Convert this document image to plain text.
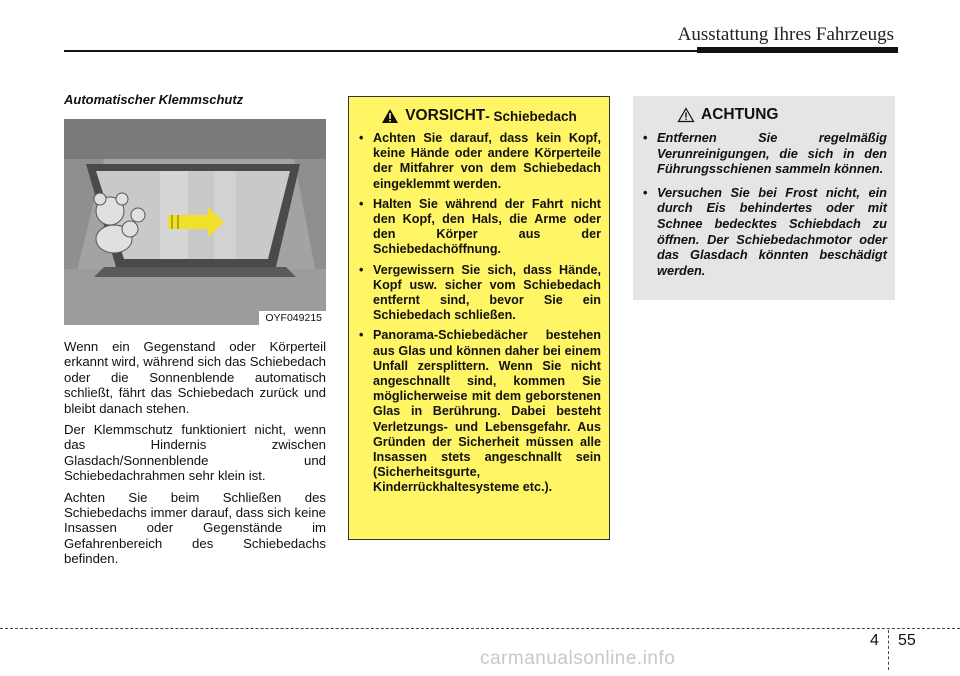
Ausstattung Ihres Fahrzeugs

Automatischer Klemmschutz

OYF049215

Wenn ein Gegenstand oder Körperteil erkannt wird, während sich das Schiebedach oder die Sonnenblende automatisch schließt, fährt das Schiebedach zurück und bleibt danach stehen.

Der Klemmschutz funktioniert nicht, wenn das Hindernis zwischen Glasdach/Sonnenblende und Schiebedachrahmen sehr klein ist.

Achten Sie beim Schließen des Schiebedachs immer darauf, dass sich keine Insassen oder Gegenstände im Gefahrenbereich des Schiebedachs befinden.

VORSICHT - Schiebedach
• Achten Sie darauf, dass kein Kopf, keine Hände oder andere Körperteile der Mitfahrer von dem Schiebedach eingeklemmt werden.
• Halten Sie während der Fahrt nicht den Kopf, den Hals, die Arme oder den Körper aus der Schiebedachöffnung.
• Vergewissern Sie sich, dass Hände, Kopf usw. sicher vom Schiebedach entfernt sind, bevor Sie ein Schiebedach schließen.
• Panorama-Schiebedächer bestehen aus Glas und können daher bei einem Unfall zersplittern. Wenn Sie nicht angeschnallt sind, kommen Sie möglicherweise mit dem geborstenen Glas in Berührung. Dabei besteht Verletzungs- und Lebensgefahr. Aus Gründen der Sicherheit müssen alle Insassen stets angeschnallt sein (Sicherheitsgurte, Kinderrückhaltesysteme etc.).
ACHTUNG
• Entfernen Sie regelmäßig Verunreinigungen, die sich in den Führungsschienen sammeln können.
• Versuchen Sie bei Frost nicht, ein durch Eis behindertes oder mit Schnee bedecktes Schiebdach zu öffnen. Der Schiebedachmotor oder das Glasdach könnten beschädigt werden.
4 55
carmanualsonline.info
